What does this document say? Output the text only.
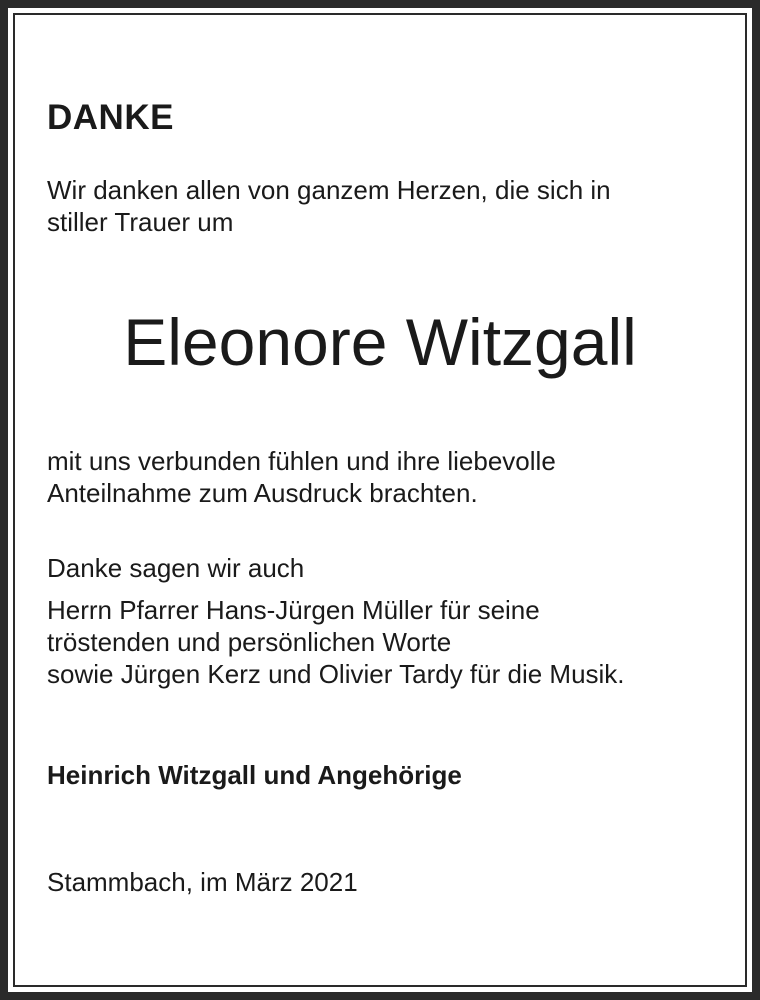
DANKE
Wir danken allen von ganzem Herzen, die sich in
stiller Trauer um
Eleonore Witzgall
mit uns verbunden fühlen und ihre liebevolle
Anteilnahme zum Ausdruck brachten.
Danke sagen wir auch
Herrn Pfarrer Hans-Jürgen Müller für seine
tröstenden und persönlichen Worte
sowie Jürgen Kerz und Olivier Tardy für die Musik.
Heinrich Witzgall und Angehörige
Stammbach, im März 2021
